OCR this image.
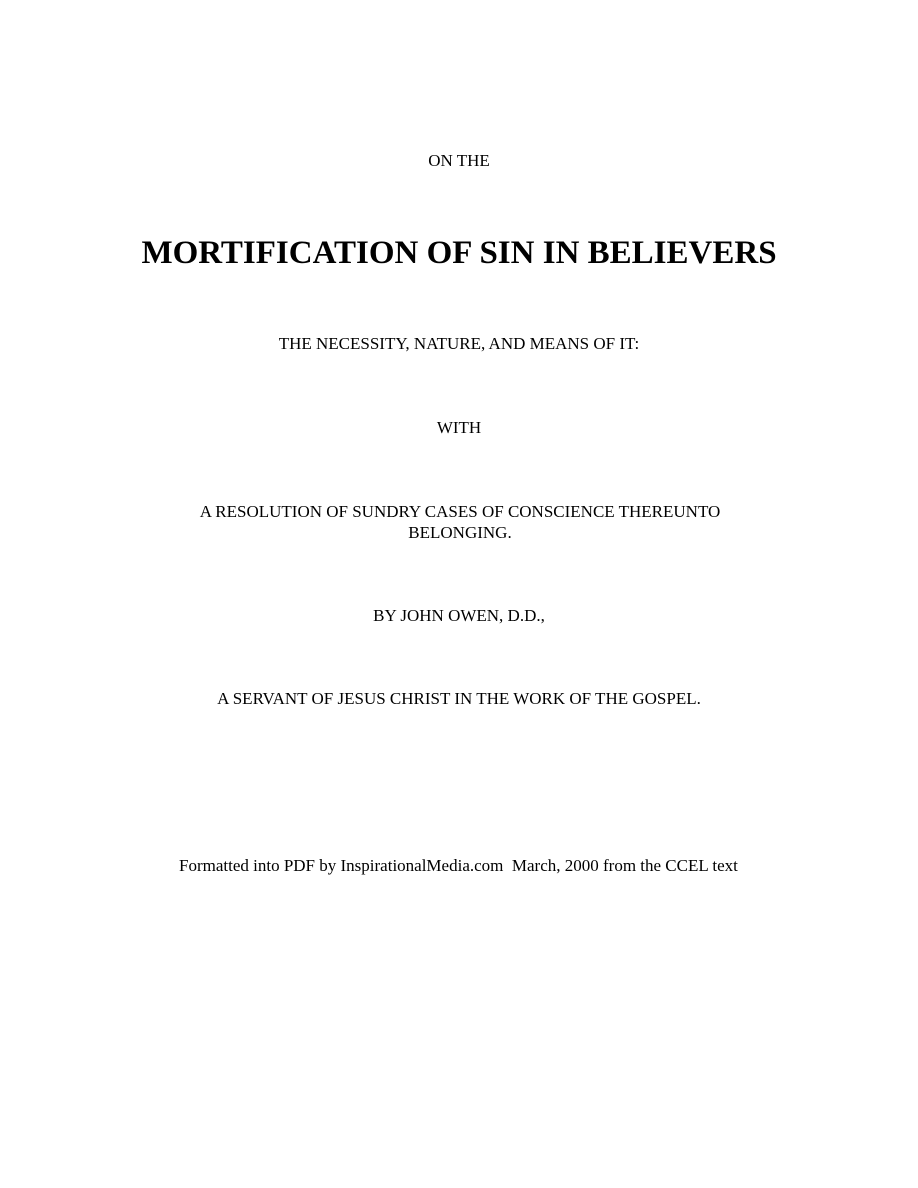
ON THE
MORTIFICATION OF SIN IN BELIEVERS
THE NECESSITY, NATURE, AND MEANS OF IT:
WITH
A RESOLUTION OF SUNDRY CASES OF CONSCIENCE THEREUNTO
BELONGING.
BY JOHN OWEN, D.D.,
A SERVANT OF JESUS CHRIST IN THE WORK OF THE GOSPEL.
Formatted into PDF by InspirationalMedia.com  March, 2000 from the CCEL text
